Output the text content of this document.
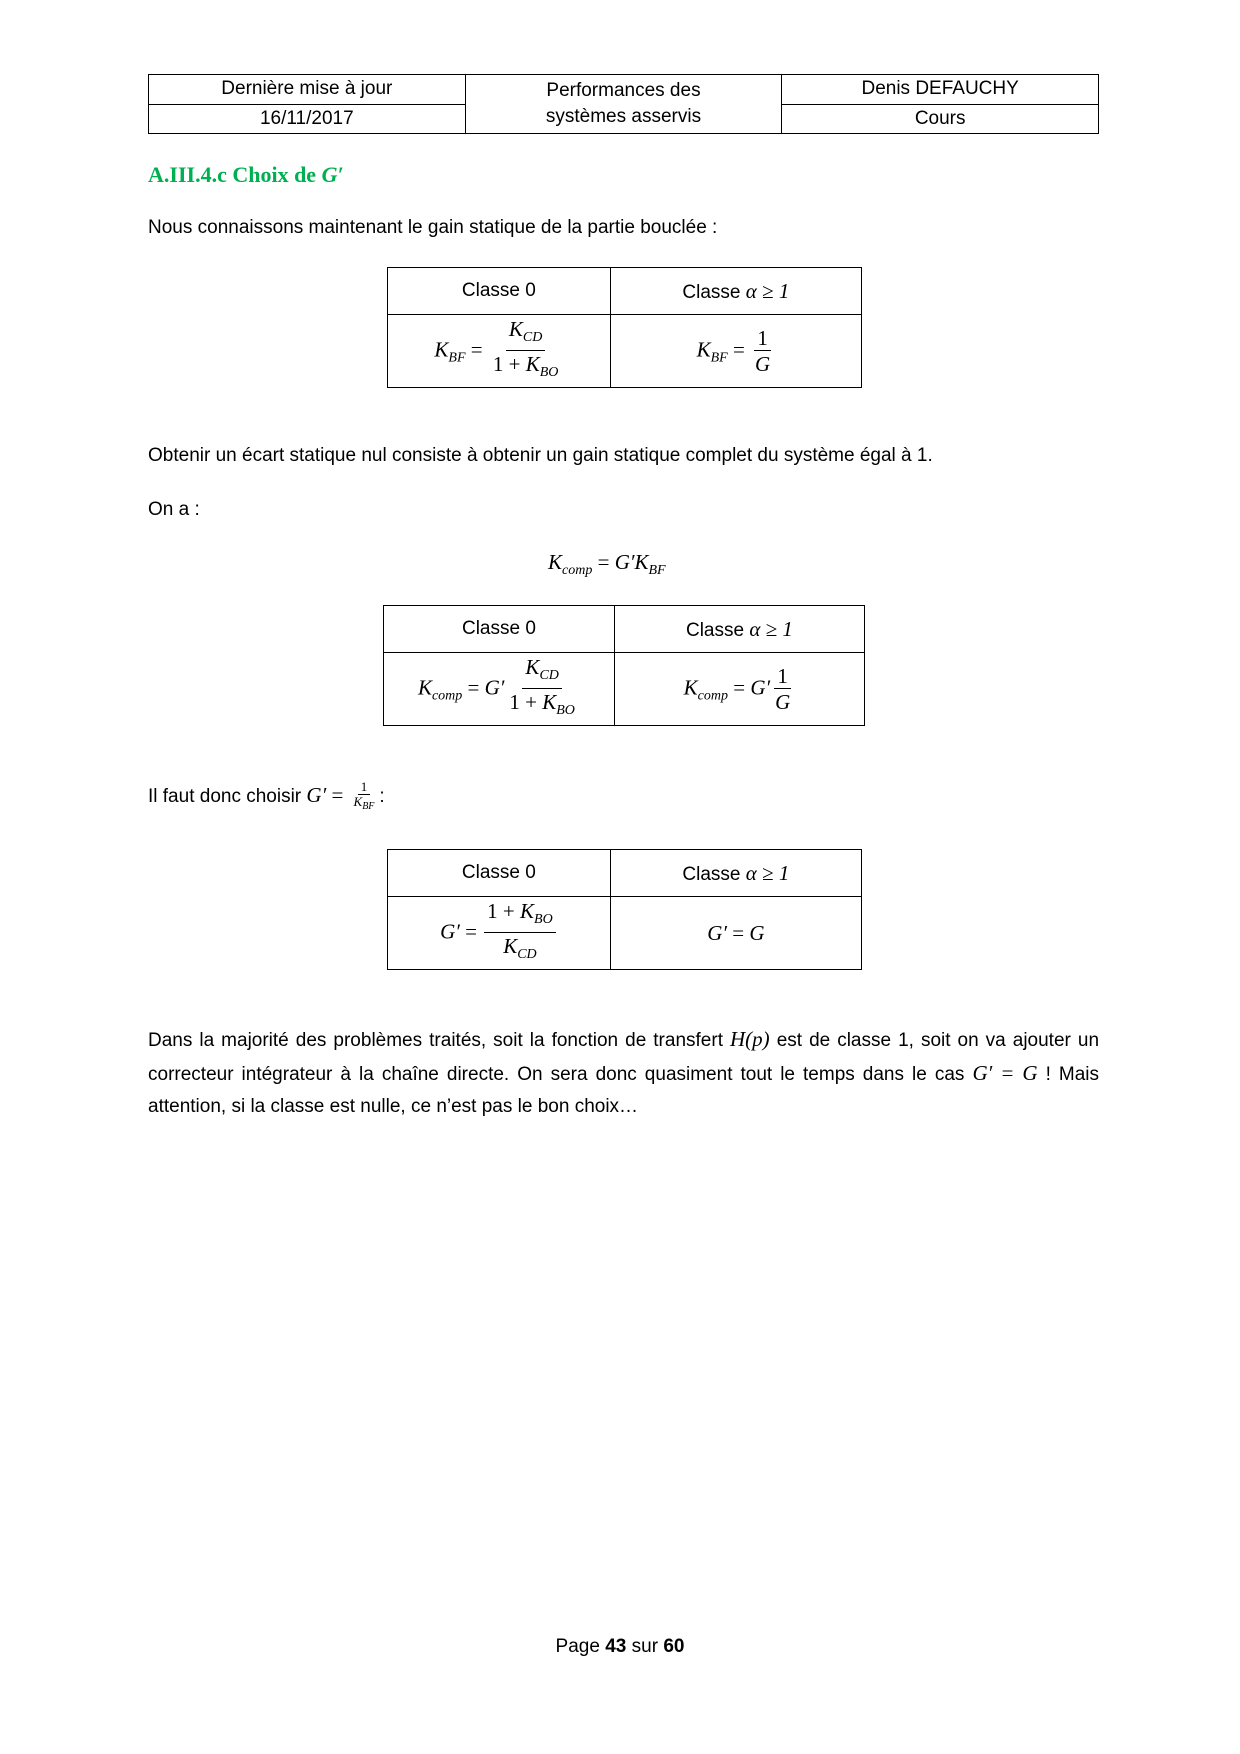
Dernière mise à jour	Performances des systèmes asservis	Denis DEFAUCHY
16/11/2017		Cours
A.III.4.c Choix de G′
Nous connaissons maintenant le gain statique de la partie bouclée :
Classe 0	Classe α ≥ 1
$K_{BF} = \frac{K_{CD}}{1 + K_{BO}}$	$K_{BF} = \frac{1}{G}$
Obtenir un écart statique nul consiste à obtenir un gain statique complet du système égal à 1.
On a :
$K_{comp} = G'K_{BF}$
Classe 0	Classe α ≥ 1
$K_{comp} = G' \frac{K_{CD}}{1 + K_{BO}}$	$K_{comp} = G' \frac{1}{G}$
Il faut donc choisir $G' = \frac{1}{K_{BF}}$ :
Classe 0	Classe α ≥ 1
$G' = \frac{1 + K_{BO}}{K_{CD}}$	G′ = G
Dans la majorité des problèmes traités, soit la fonction de transfert H(p) est de classe 1, soit on va ajouter un correcteur intégrateur à la chaîne directe. On sera donc quasiment tout le temps dans le cas G′ = G ! Mais attention, si la classe est nulle, ce n’est pas le bon choix…
Page 43 sur 60
